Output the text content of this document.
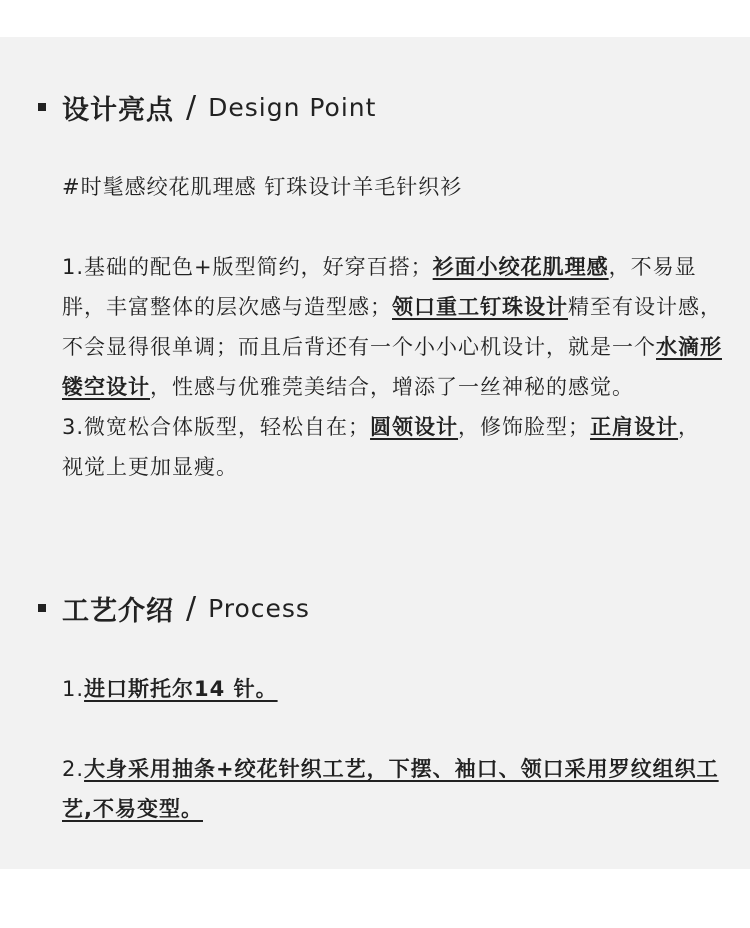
设计亮点 / Design Point
#时髦感绞花肌理感 钉珠设计羊毛针织衫

1.基础的配色+版型简约，好穿百搭；衫面小绞花肌理感，不易显胖，丰富整体的层次感与造型感；领口重工钉珠设计精至有设计感，不会显得很单调；而且后背还有一个小小心机设计，就是一个水滴形镂空设计，性感与优雅莞美结合，增添了一丝神秘的感觉。

3.微宽松合体版型，轻松自在；圆领设计，修饰脸型；正肩设计，视觉上更加显瘦。

工艺介绍 / Process
1.进口斯托尔14 针。
2.大身采用抽条+绞花针织工艺，下摆、袖口、领口采用罗纹组织工艺,不易变型。
